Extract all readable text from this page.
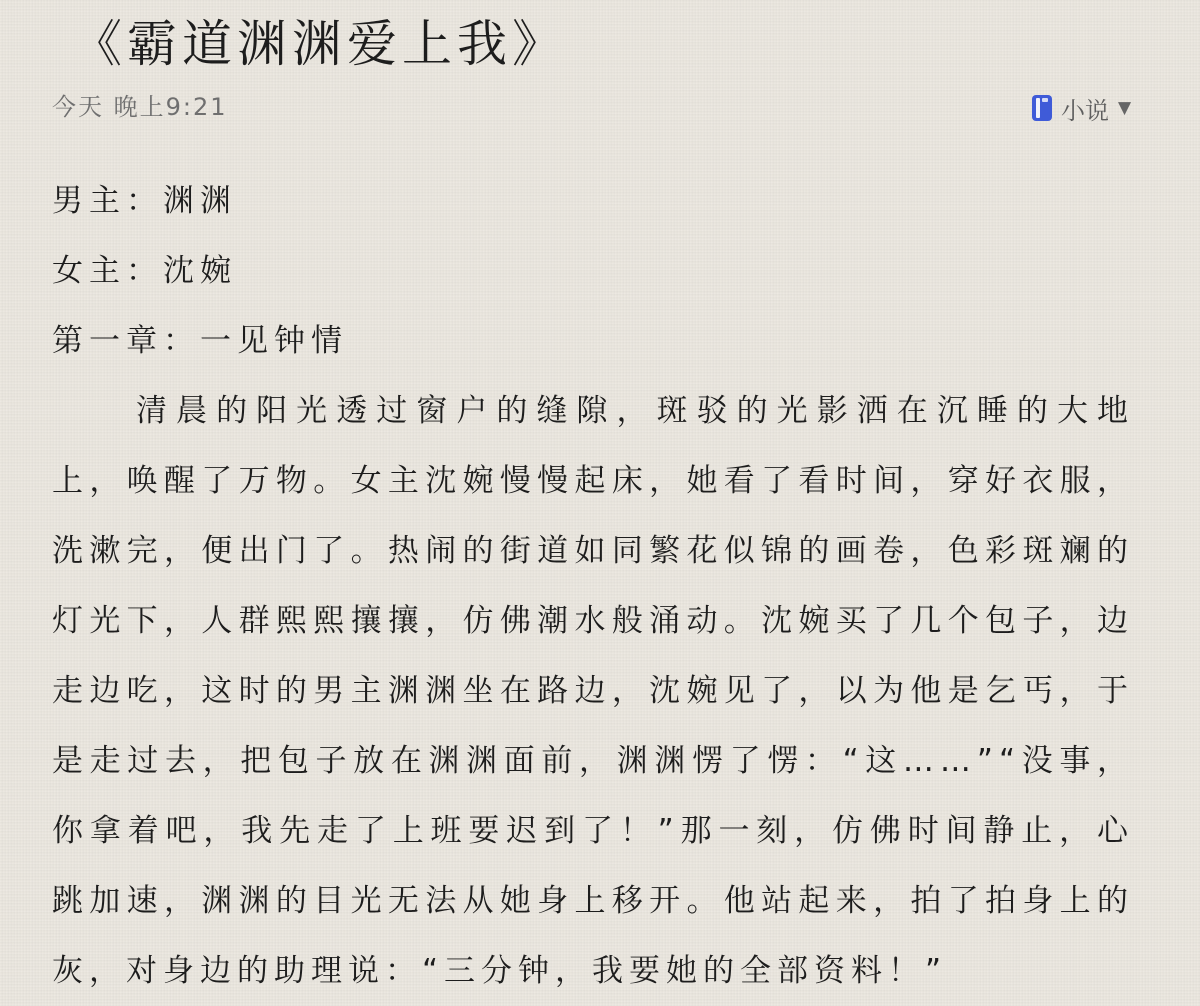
《霸道渊渊爱上我》
今天 晚上9:21	小说 ▼
男主：渊渊
女主：沈婉
第一章：一见钟情

清晨的阳光透过窗户的缝隙，斑驳的光影洒在沉睡的大地上，唤醒了万物。女主沈婉慢慢起床，她看了看时间，穿好衣服，洗漱完，便出门了。热闹的街道如同繁花似锦的画卷，色彩斑斓的灯光下，人群熙熙攘攘，仿佛潮水般涌动。沈婉买了几个包子，边走边吃，这时的男主渊渊坐在路边，沈婉见了，以为他是乞丐，于是走过去，把包子放在渊渊面前，渊渊愣了愣：“这……”“没事，你拿着吧，我先走了上班要迟到了！”那一刻，仿佛时间静止，心跳加速，渊渊的目光无法从她身上移开。他站起来，拍了拍身上的灰，对身边的助理说：“三分钟，我要她的全部资料！”
